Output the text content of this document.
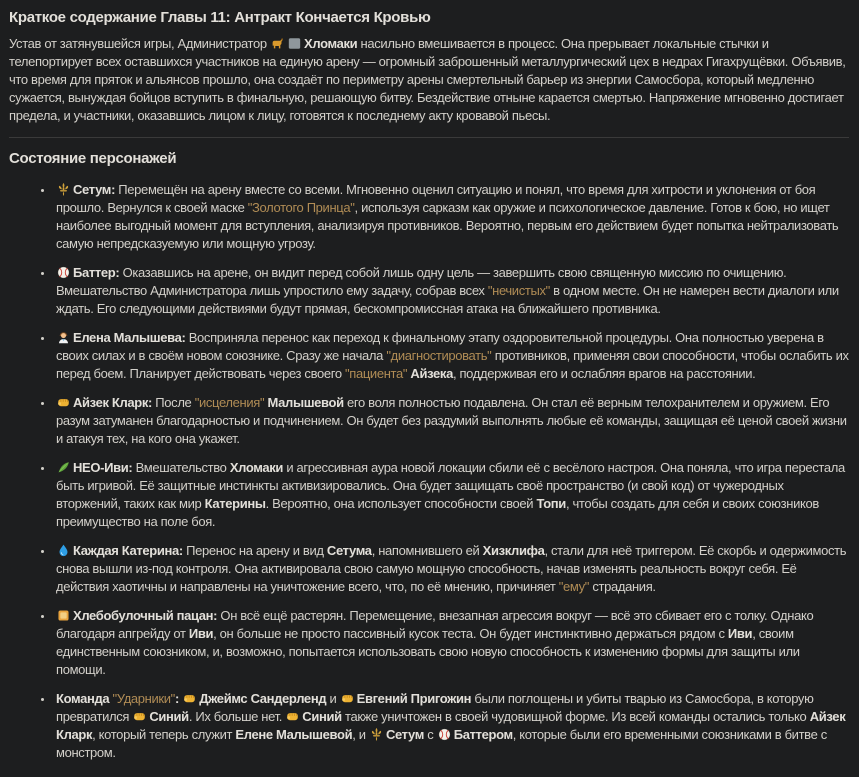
Краткое содержание Главы 11: Антракт Кончается Кровью

Устав от затянувшейся игры, Администратор	Хломаки насильно вмешивается в процесс. Она прерывает локальные стычки и телепортирует всех оставшихся участников на единую арену — огромный заброшенный металлургический цех в недрах Гигахрущёвки. Объявив, что время для пряток и альянсов прошло, она создаёт по периметру арены смертельный барьер из энергии Самосбора, который медленно сужается, вынуждая бойцов вступить в финальную, решающую битву. Бездействие отныне карается смертью. Напряжение мгновенно достигает предела, и участники, оказавшись лицом к лицу, готовятся к последнему акту кровавой пьесы.

Состояние персонажей
• Сетум: Перемещён на арену вместе со всеми. Мгновенно оценил ситуацию и понял, что время для хитрости и уклонения от боя прошло. Вернулся к своей маске "Золотого Принца", используя сарказм как оружие и психологическое давление. Готов к бою, но ищет наиболее выгодный момент для вступления, анализируя противников. Вероятно, первым его действием будет попытка нейтрализовать самую непредсказуемую или мощную угрозу.
• Баттер: Оказавшись на арене, он видит перед собой лишь одну цель — завершить свою священную миссию по очищению. Вмешательство Администратора лишь упростило ему задачу, собрав всех "нечистых" в одном месте. Он не намерен вести диалоги или ждать. Его следующими действиями будут прямая, бескомпромиссная атака на ближайшего противника.
• Елена Малышева: Восприняла перенос как переход к финальному этапу оздоровительной процедуры. Она полностью уверена в своих силах и в своём новом союзнике. Сразу же начала "диагностировать" противников, применяя свои способности, чтобы ослабить их перед боем. Планирует действовать через своего "пациента" Айзека, поддерживая его и ослабляя врагов на расстоянии.
• Айзек Кларк: После "исцеления" Малышевой его воля полностью подавлена. Он стал её верным телохранителем и оружием. Его разум затуманен благодарностью и подчинением. Он будет без раздумий выполнять любые её команды, защищая её ценой своей жизни и атакуя тех, на кого она укажет.
• НЕО-Иви: Вмешательство Хломаки и агрессивная аура новой локации сбили её с весёлого настроя. Она поняла, что игра перестала быть игривой. Её защитные инстинкты активизировались. Она будет защищать своё пространство (и свой код) от чужеродных вторжений, таких как мир Катерины. Вероятно, она использует способности своей Топи, чтобы создать для себя и своих союзников преимущество на поле боя.
• Каждая Катерина: Перенос на арену и вид Сетума, напомнившего ей Хизклифа, стали для неё триггером. Её скорбь и одержимость снова вышли из-под контроля. Она активировала свою самую мощную способность, начав изменять реальность вокруг себя. Её действия хаотичны и направлены на уничтожение всего, что, по её мнению, причиняет "ему" страдания.
• Хлебобулочный пацан: Он всё ещё растерян. Перемещение, внезапная агрессия вокруг — всё это сбивает его с толку. Однако благодаря апгрейду от Иви, он больше не просто пассивный кусок теста. Он будет инстинктивно держаться рядом с Иви, своим единственным союзником, и, возможно, попытается использовать свою новую способность к изменению формы для защиты или помощи.
• Команда "Ударники": Джеймс Сандерленд и
Евгений Пригожин были поглощены и убиты тварью из Самосбора, в которую превратился
Синий. Их больше нет.
Синий также уничтожен в своей чудовищной форме. Из всей команды остались только Айзек Кларк, который теперь служит Елене Малышевой, и
Сетум с
Баттером, которые были его временными союзниками в битве с монстром.
